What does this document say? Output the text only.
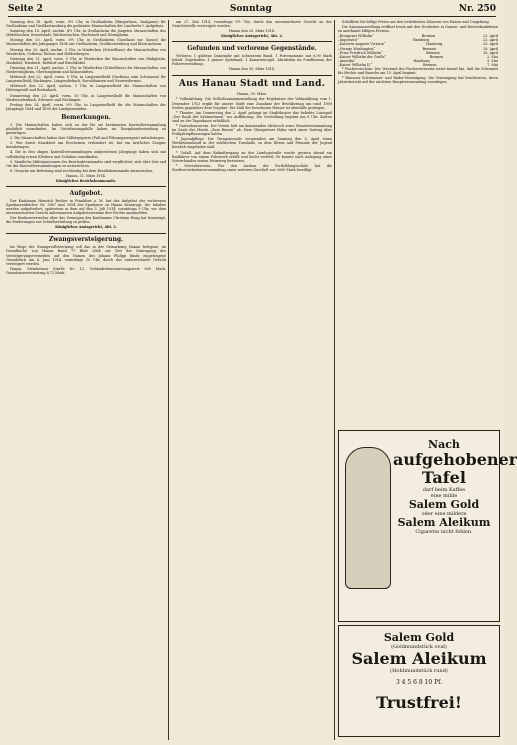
Seite 2	Sonntag	Nr. 250

Samstag den 18. April, vorm. 9½ Uhr, in Großauheim (Bürgerhaus, Saalgasse) für Großauheim und Großkrotzenburg die gedienten Mannschaften der Landwehr I. Aufgebots.

Samstag den 18. April, nachm. 4½ Uhr, in Großauheim die jüngsten Mannschaften des Mittelbuchen, Kesselstadt, Wachenbuchen, Hochstadt und Dörnigheim.

Montag den 20. April, vorm. 8½ Uhr, in Großauheim (Gasthaus zur Sonne) die Mannschaften des Jahrganges 1894 aus Großauheim, Großkrotzenburg und Klein-Auheim.

Montag den 20. April, nachm. 3 Uhr, in Windecken (Schießhaus) die Mannschaften von Windecken, Ostheim, Eichen und Heldenbergen.

Dienstag den 21. April, vorm. 9 Uhr, in Windecken die Mannschaften von Rüdigheim, Marköbel, Hirzbach, Roßdorf und Bruchköbel.

Dienstag den 21. April, nachm. 2 Uhr, in Windecken (Schießhaus) die Mannschaften von Niederissigheim, Oberissigheim und Kilianstädten.

Mittwoch den 22. April, vorm. 9 Uhr, in Langenselbold (Gasthaus zum Schwanen) für Langenselbold, Rückingen, Langendiebach, Ravolzhausen und Neuwiedermus.

Mittwoch den 22. April, nachm. 3 Uhr, in Langenselbold die Mannschaften von Hüttengesäß und Rodenbach.

Donnerstag den 23. April, vorm. 10 Uhr, in Langenselbold die Mannschaften von Niederrodenbach, Erlensee und Rückingen.

Freitag den 24. April, vorm. 9½ Uhr, in Langenselbold für die Mannschaften der Jahrgänge 1894 und 1895 der Landgemeinden.

Bemerkungen.

1. Die Mannschaften haben sich zu der für sie bestimmten Kontrollversammlung pünktlich einzufinden. Im Unterlassungsfalle haben sie Disziplinarbestrafung zu gewärtigen.

2. Die Mannschaften haben ihre Militärpapiere (Paß und Führungszeugnis) mitzubringen.

3. Wer durch Krankheit am Erscheinen verhindert ist, hat ein ärztliches Zeugnis beizubringen.

4. Die in den obigen Kontrollversammlungen aufgerufenen Jahrgänge haben sich mit vollständig reinen Kleidern und Schuhen einzufinden.

5. Sämtliche Militärpersonen des Beurlaubtenstandes sind verpflichtet, sich über Zeit und Ort der Kontrollversammlungen zu unterrichten.

6. Gesuche um Befreiung sind rechtzeitig bei dem Bezirkskommando einzureichen.

Hanau, 31. März 1914.

Königliches Bezirkskommando.

Aufgebot.

Der Kaufmann Heinrich Becker in Frankfurt a. M. hat das Aufgebot der verlorenen Sparkassenbücher Nr. 2867 und 3954 der Sparkasse zu Hanau beantragt. Die Inhaber werden aufgefordert, spätestens in dem auf den 3. Juli 1914, vormittags 9 Uhr, vor dem unterzeichneten Gericht anberaumten Aufgebotstermine ihre Rechte anzumelden.

Der Konkursverwalter über das Vermögen des Kaufmanns Christian Haag hat beantragt, die Forderungen zur Schlußverteilung zu prüfen.

Königliches Amtsgericht, Abt. 2.

Zwangsversteigerung.

Im Wege der Zwangsvollstreckung soll das in der Gemarkung Hanau belegene, im Grundbuche von Hanau Band 77 Blatt 2864 zur Zeit der Eintragung des Versteigerungsvermerkes auf den Namen des Johann Philipp Emde eingetragene Grundstück am 4. Juni 1914, vormittags 10 Uhr, durch das unterzeichnete Gericht versteigert werden.

Hanau, Steinheimer Straße Nr. 12, Gebäudesteuernutzungswert 690 Mark, Grundsteuerreinertrag 8,71 Mark.

am 27. Mai 1914, vormittags 9½ Uhr, durch das unterzeichnete Gericht an der Gerichtsstelle versteigert werden.

Hanau den 20. März 1914.

Königliches Amtsgericht, Abt. 2.

Gefunden und verlorene Gegenstände.

Verloren: 1 goldene Damenuhr mit schwarzem Band. 1 Portemonnaie mit 8,90 Mark Inhalt. Zugelaufen: 1 grauer Spitzhund, 1 Kanarienvogel. Abzuholen im Fundbureau der Polizeiverwaltung.

Hanau den 30. März 1914.

Aus Hanau Stadt und Land.

Hanau, 30. März.

* Volkszählung. Die Schlußzusammenstellung der Ergebnisse der Volkszählung vom 1. Dezember 1913 ergibt für unsere Stadt eine Zunahme der Bevölkerung um rund 1800 Seelen gegenüber dem Vorjahre. Die Zahl der bewohnten Häuser ist ebenfalls gestiegen.

* Theater. Am Donnerstag den 2. April gelangt im Stadttheater das beliebte Lustspiel „Der Raub der Sabinerinnen“ zur Aufführung. Die Vorstellung beginnt um 8 Uhr. Karten sind an der Tageskasse erhältlich.

* Gartenbauverein. Der Verein hält am kommenden Mittwoch seine Monatsversammlung im Saale des Hotels „Zum Riesen“ ab. Herr Obergärtner Hahn wird einen Vortrag über Frühjahrspflanzungen halten.

* Jugendpflege. Die Turngemeinde veranstaltet am Sonntag den 5. April einen Werbeturnabend in der städtischen Turnhalle, zu dem Eltern und Freunde der Jugend herzlich eingeladen sind.

* Unfall. Auf dem Bahnübergang an der Lamboystraße wurde gestern abend ein Radfahrer von einem Fuhrwerk erfaßt und leicht verletzt. Er konnte nach Anlegung eines Notverbandes seinen Heimweg fortsetzen.

* Gewerbeverein. Für den Ausbau der Fortbildungsschule hat die Stadtverordnetenversammlung einen weiteren Zuschuß von 3000 Mark bewilligt.

Schiffliste für billige Preise aus den beliebtesten Häusern von Hanau und Umgebung.

Die Saisonausstellung eröffnet heute mit den Neuheiten in Damen- und Herrenkonfektion zu anerkannt billigen Preisen.

„Kronprinz Wilhelm“	Bremen	22. April
„Imperator“	Hamburg	23. April
„Kaiserin Auguste Victoria“	Hamburg	25. April
„George Washington“	Bremen	28. April
„Prinz Friedrich Wilhelm“	Bremen	30. April
„Kaiser Wilhelm der Große“	Bremen	2. Mai
„Amerika“	Hamburg	5. Mai
„Kaiser Wilhelm II.“	Bremen	7. Mai

* Fischereischutz. Der Vorstand des Fischereivereins weist darauf hin, daß die Schonzeit für Hechte und Barsche am 15. April beginnt.

* Hanauer Schwimmer- und Ruder-Vereinigung. Die Vereinigung hat beschlossen, ihren Jahresbericht auf der nächsten Hauptversammlung vorzulegen.

Nach
aufgehobener
Tafel

darf beim Kaffee

eine milde

Salem Gold

oder eine mildere

Salem Aleikum

Cigarette nicht fehlen.

Salem Gold

(Goldmundstück oval)

Salem Aleikum

(Hohlmundstück rund)

3 4 5 6 8 10 Pf.

Trustfrei!
